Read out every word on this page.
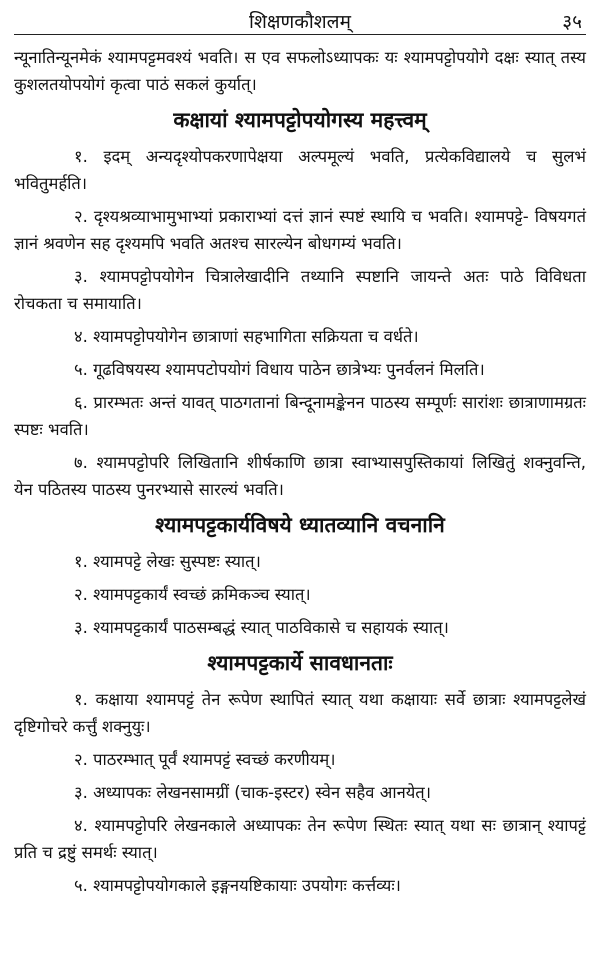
शिक्षणकौशलम्	३५

न्यूनातिन्यूनमेकं श्यामपट्टमवश्यं भवति। स एव सफलोऽध्यापकः यः श्यामपट्टोपयोगे दक्षः स्यात् तस्य कुशलतयोपयोगं कृत्वा पाठं सकलं कुर्यात्।

कक्षायां श्यामपट्टोपयोगस्य महत्त्वम्

१. इदम् अन्यदृश्योपकरणापेक्षया अल्पमूल्यं भवति, प्रत्येकविद्यालये च सुलभं भवितुमर्हति।

२. दृश्यश्रव्याभामुभाभ्यां प्रकाराभ्यां दत्तं ज्ञानं स्पष्टं स्थायि च भवति। श्यामपट्टे- विषयगतं ज्ञानं श्रवणेन सह दृश्यमपि भवति अतश्च सारल्येन बोधगम्यं भवति।

३. श्यामपट्टोपयोगेन चित्रालेखादीनि तथ्यानि स्पष्टानि जायन्ते अतः पाठे विविधता रोचकता च समायाति।

४. श्यामपट्टोपयोगेन छात्राणां सहभागिता सक्रियता च वर्धते।

५. गूढविषयस्य श्यामपटोपयोगं विधाय पाठेन छात्रेभ्यः पुनर्वलनं मिलति।

६. प्रारम्भतः अन्तं यावत् पाठगतानां बिन्दूनामङ्केनन पाठस्य सम्पूर्णः सारांशः छात्राणामग्रतः स्पष्टः भवति।

७. श्यामपट्टोपरि लिखितानि शीर्षकाणि छात्रा स्वाभ्यासपुस्तिकायां लिखितुं शक्नुवन्ति, येन पठितस्य पाठस्य पुनरभ्यासे सारल्यं भवति।

श्यामपट्टकार्यविषये ध्यातव्यानि वचनानि

१. श्यामपट्टे लेखः सुस्पष्टः स्यात्।

२. श्यामपट्टकार्यं स्वच्छं क्रमिकञ्च स्यात्।

३. श्यामपट्टकार्यं पाठसम्बद्धं स्यात् पाठविकासे च सहायकं स्यात्।

श्यामपट्टकार्ये सावधानताः

१. कक्षाया श्यामपट्टं तेन रूपेण स्थापितं स्यात् यथा कक्षायाः सर्वे छात्राः श्यामपट्टलेखं दृष्टिगोचरे कर्त्तुं शक्नुयुः।

२. पाठरम्भात् पूर्वं श्यामपट्टं स्वच्छं करणीयम्।

३. अध्यापकः लेखनसामग्रीं (चाक-इस्टर) स्वेन सहैव आनयेत्।

४. श्यामपट्टोपरि लेखनकाले अध्यापकः तेन रूपेण स्थितः स्यात् यथा सः छात्रान् श्यापट्टं प्रति च द्रष्टुं समर्थः स्यात्।

५. श्यामपट्टोपयोगकाले इङ्गनयष्टिकायाः उपयोगः कर्त्तव्यः।
